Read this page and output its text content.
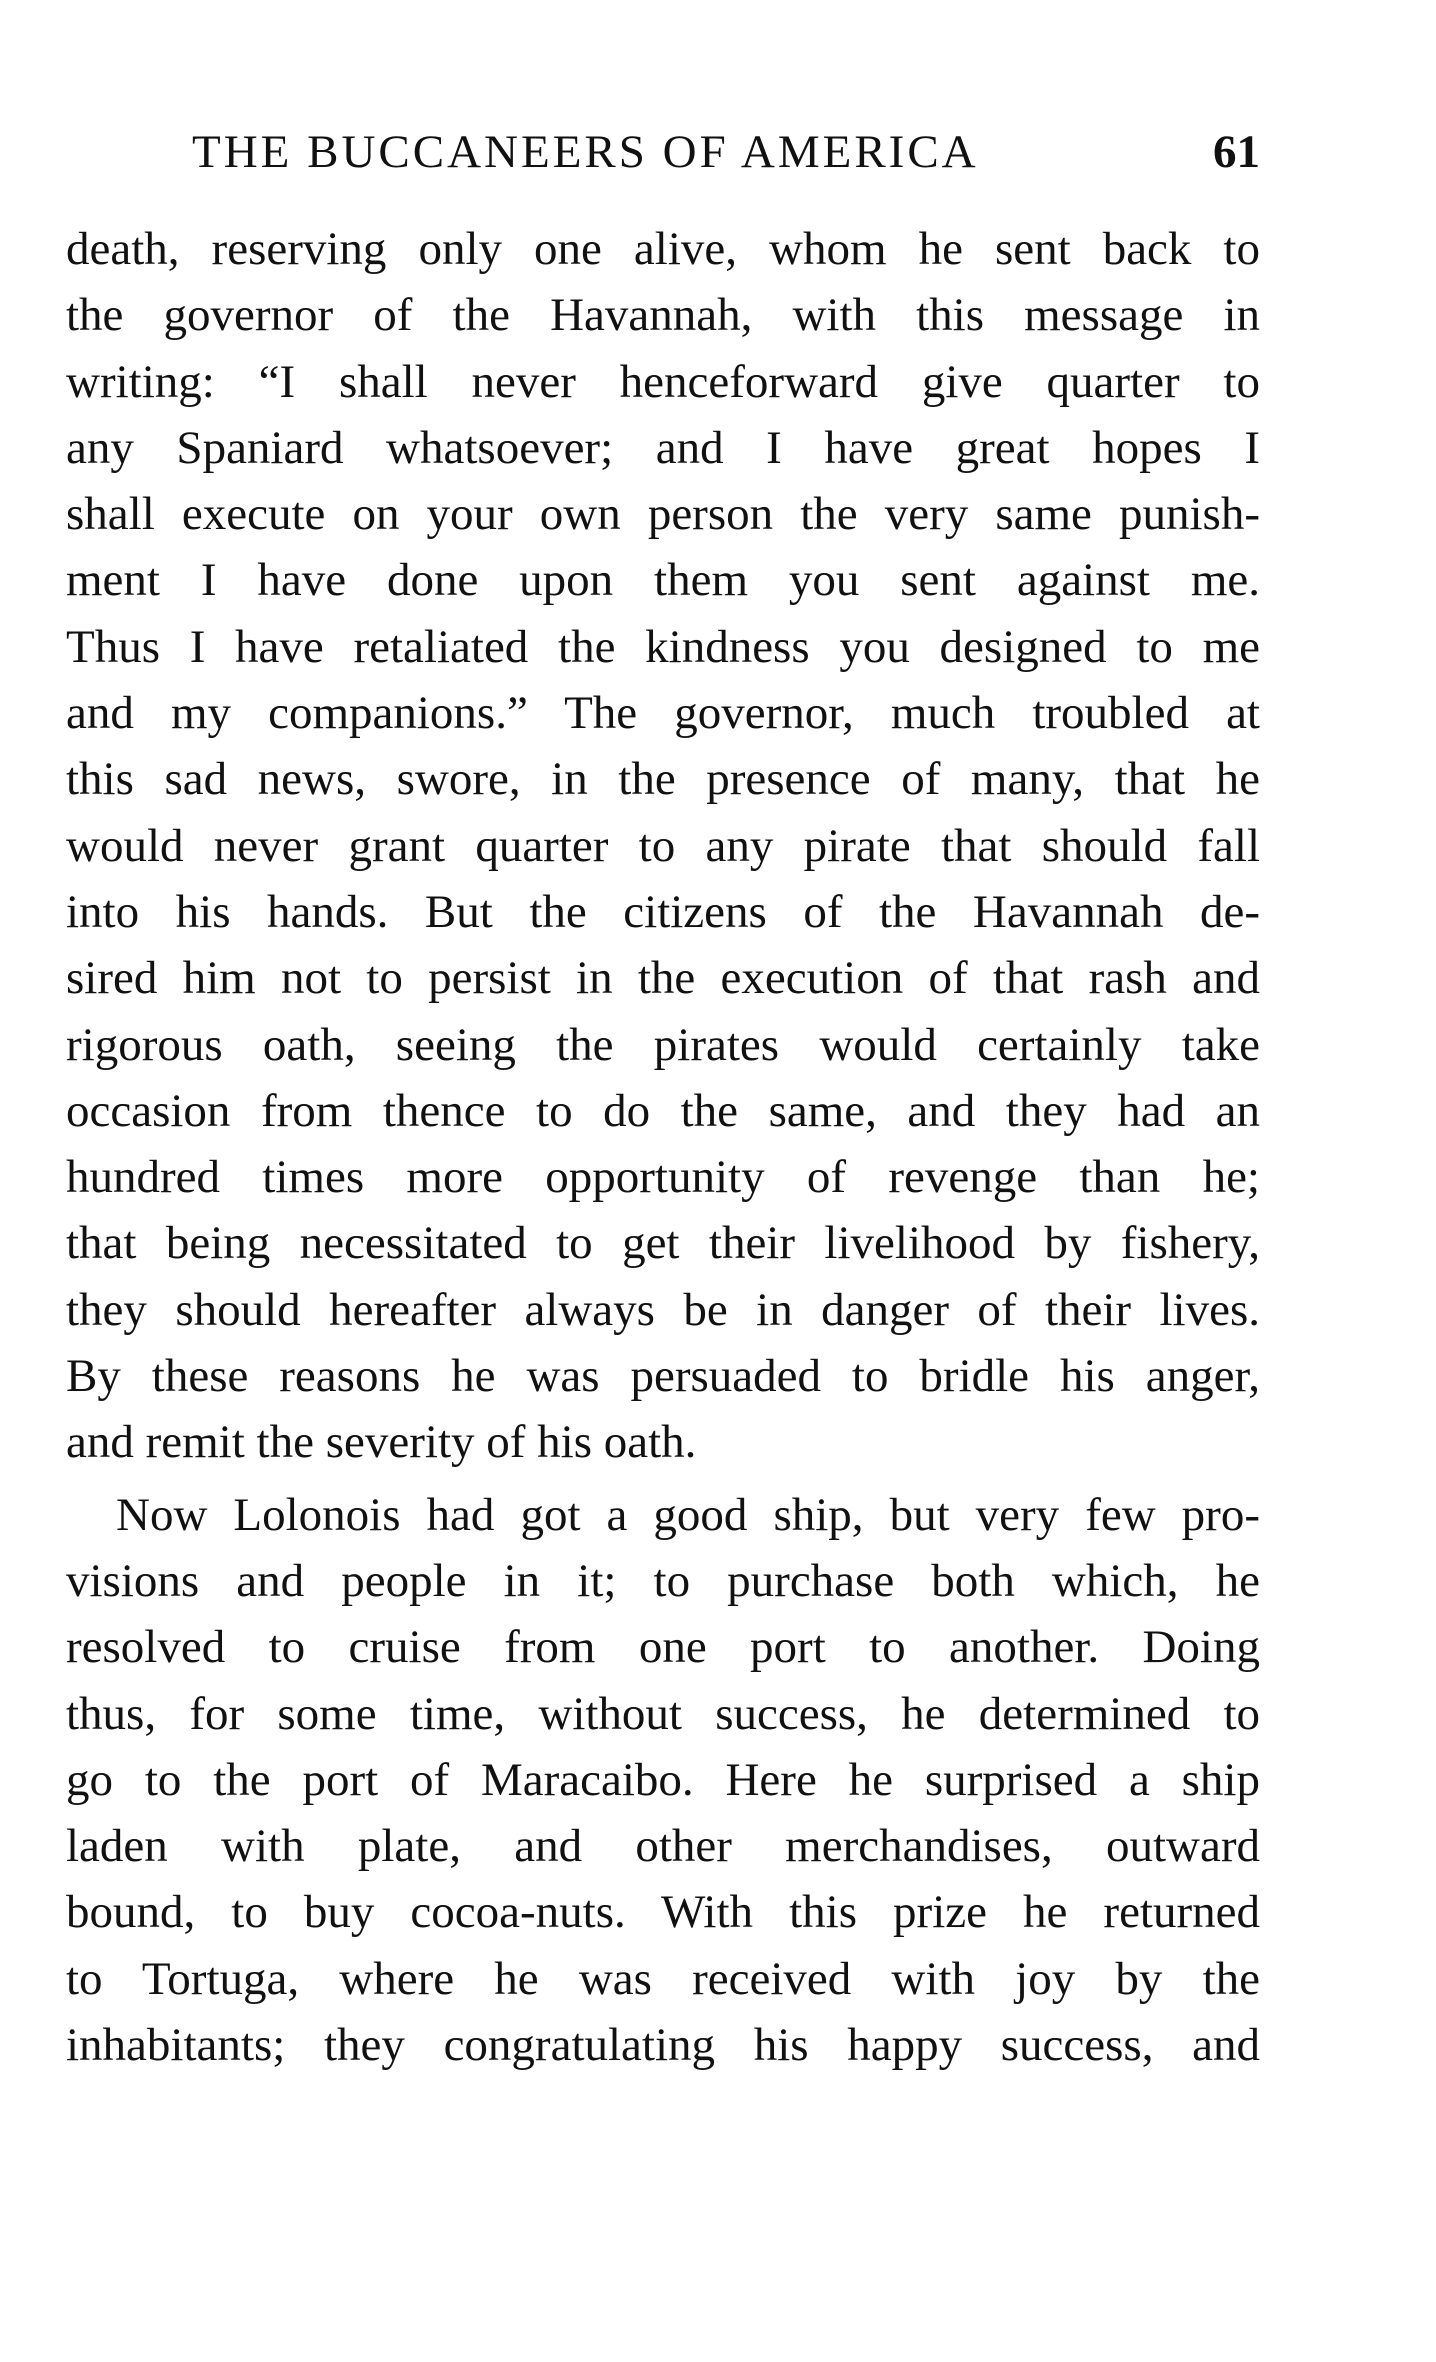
THE BUCCANEERS OF AMERICA	61
death, reserving only one alive, whom he sent back to
the governor of the Havannah, with this message in
writing: “I shall never henceforward give quarter to
any Spaniard whatsoever; and I have great hopes I
shall execute on your own person the very same punish-
ment I have done upon them you sent against me.
Thus I have retaliated the kindness you designed to me
and my companions.” The governor, much troubled at
this sad news, swore, in the presence of many, that he
would never grant quarter to any pirate that should fall
into his hands. But the citizens of the Havannah de-
sired him not to persist in the execution of that rash and
rigorous oath, seeing the pirates would certainly take
occasion from thence to do the same, and they had an
hundred times more opportunity of revenge than he;
that being necessitated to get their livelihood by fishery,
they should hereafter always be in danger of their lives.
By these reasons he was persuaded to bridle his anger,
and remit the severity of his oath.
Now Lolonois had got a good ship, but very few pro-
visions and people in it; to purchase both which, he
resolved to cruise from one port to another. Doing
thus, for some time, without success, he determined to
go to the port of Maracaibo. Here he surprised a ship
laden with plate, and other merchandises, outward
bound, to buy cocoa-nuts. With this prize he returned
to Tortuga, where he was received with joy by the
inhabitants; they congratulating his happy success, and
